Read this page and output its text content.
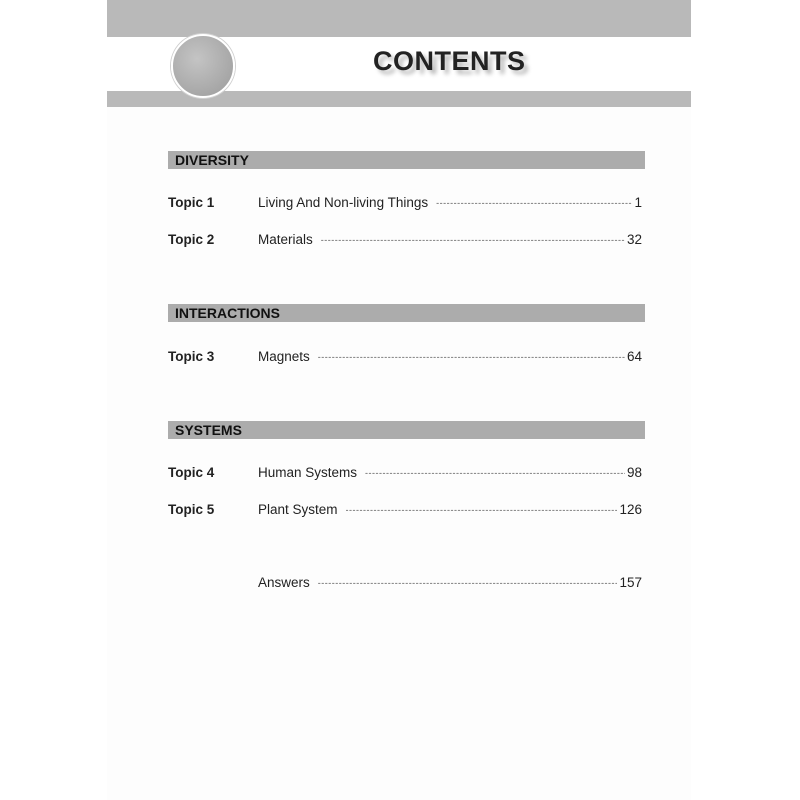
CONTENTS
DIVERSITY
Topic 1	Living And Non-living Things -----	1
Topic 2	Materials -----	32
INTERACTIONS
Topic 3	Magnets -----	64
SYSTEMS
Topic 4	Human Systems -----	98
Topic 5	Plant System -----	126
Answers -----	157
